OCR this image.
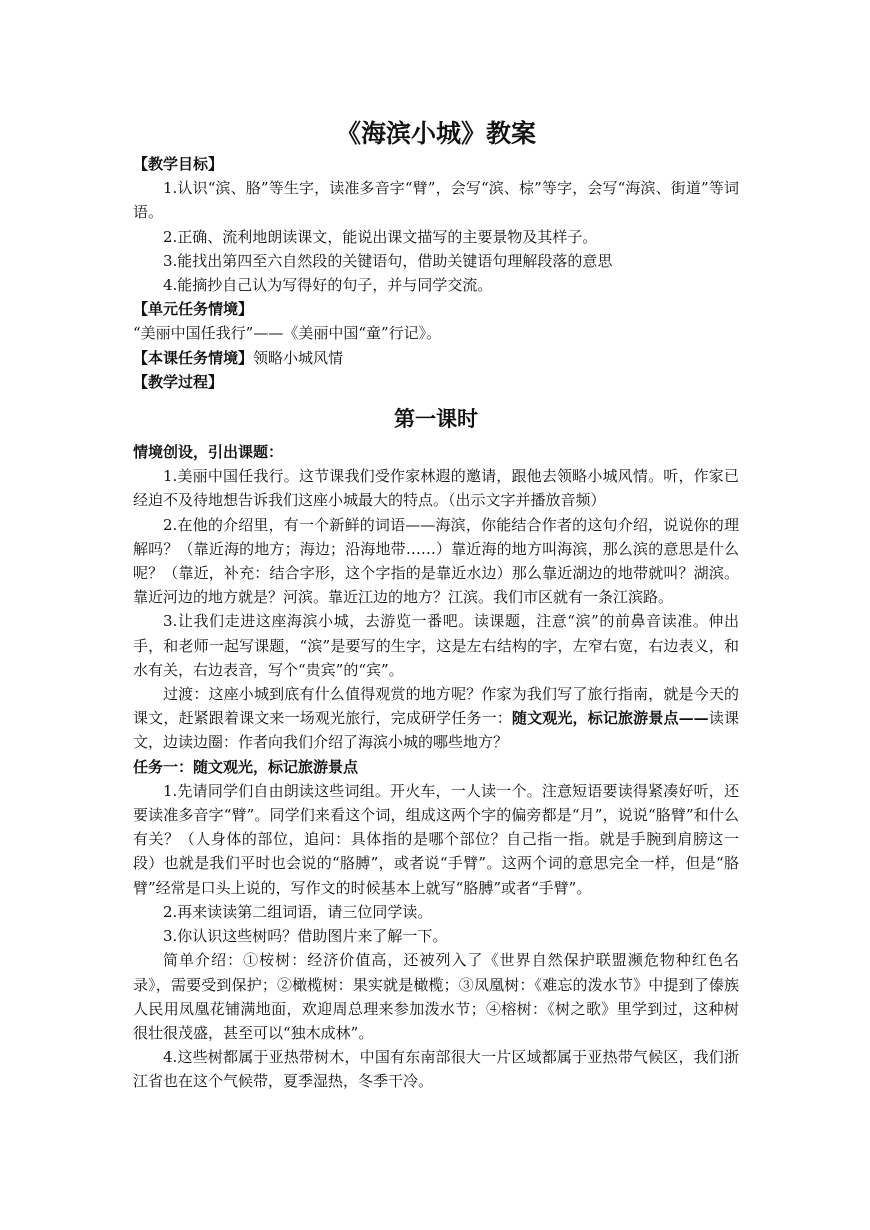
《海滨小城》教案

【教学目标】

1.认识“滨、胳”等生字，读准多音字“臂”，会写“滨、棕”等字，会写“海滨、街道”等词语。

2.正确、流利地朗读课文，能说出课文描写的主要景物及其样子。

3.能找出第四至六自然段的关键语句，借助关键语句理解段落的意思

4.能摘抄自己认为写得好的句子，并与同学交流。

【单元任务情境】

“美丽中国任我行”——《美丽中国“童”行记》。

【本课任务情境】领略小城风情

【教学过程】

第一课时

情境创设，引出课题：

1.美丽中国任我行。这节课我们受作家林遐的邀请，跟他去领略小城风情。听，作家已经迫不及待地想告诉我们这座小城最大的特点。（出示文字并播放音频）

2.在他的介绍里，有一个新鲜的词语——海滨，你能结合作者的这句介绍，说说你的理解吗？（靠近海的地方；海边；沿海地带……）靠近海的地方叫海滨，那么滨的意思是什么呢？（靠近，补充：结合字形，这个字指的是靠近水边）那么靠近湖边的地带就叫？湖滨。靠近河边的地方就是？河滨。靠近江边的地方？江滨。我们市区就有一条江滨路。

3.让我们走进这座海滨小城，去游览一番吧。读课题，注意“滨”的前鼻音读准。伸出手，和老师一起写课题，“滨”是要写的生字，这是左右结构的字，左窄右宽，右边表义，和水有关，右边表音，写个“贵宾”的“宾”。

过渡：这座小城到底有什么值得观赏的地方呢？作家为我们写了旅行指南，就是今天的课文，赶紧跟着课文来一场观光旅行，完成研学任务一：随文观光，标记旅游景点——读课文，边读边圈：作者向我们介绍了海滨小城的哪些地方？

任务一：随文观光，标记旅游景点

1.先请同学们自由朗读这些词组。开火车，一人读一个。注意短语要读得紧凑好听，还要读准多音字“臂”。同学们来看这个词，组成这两个字的偏旁都是“月”，说说“胳臂”和什么有关？（人身体的部位，追问：具体指的是哪个部位？自己指一指。就是手腕到肩膀这一段）也就是我们平时也会说的“胳膊”，或者说“手臂”。这两个词的意思完全一样，但是“胳臂”经常是口头上说的，写作文的时候基本上就写“胳膊”或者“手臂”。

2.再来读读第二组词语，请三位同学读。

3.你认识这些树吗？借助图片来了解一下。

简单介绍：①桉树：经济价值高，还被列入了《世界自然保护联盟濒危物种红色名录》，需要受到保护；②橄榄树：果实就是橄榄；③凤凰树：《难忘的泼水节》中提到了傣族人民用凤凰花铺满地面，欢迎周总理来参加泼水节；④榕树：《树之歌》里学到过，这种树很壮很茂盛，甚至可以“独木成林”。

4.这些树都属于亚热带树木，中国有东南部很大一片区域都属于亚热带气候区，我们浙江省也在这个气候带，夏季湿热，冬季干冷。
